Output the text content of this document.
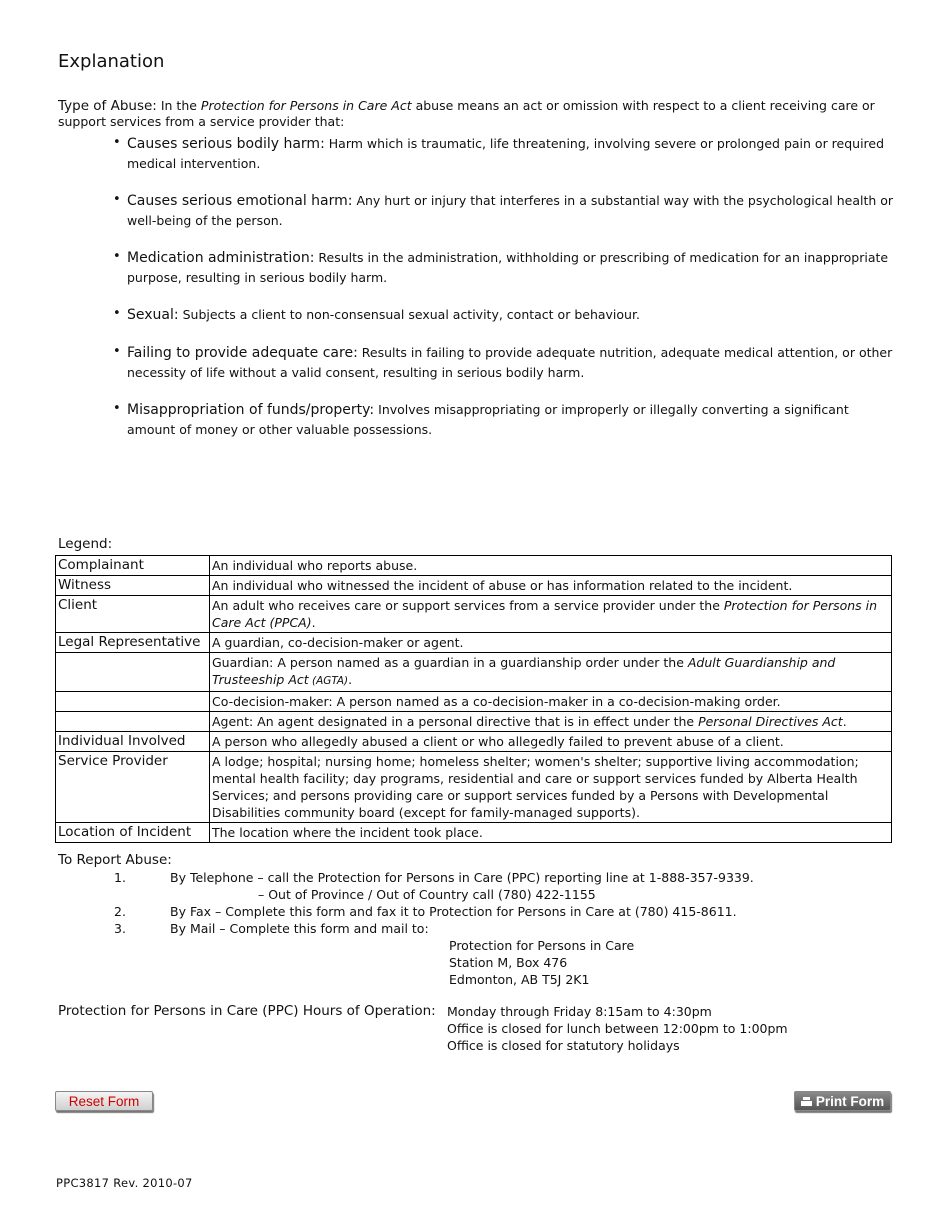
Explanation
Type of Abuse: In the Protection for Persons in Care Act abuse means an act or omission with respect to a client receiving care or support services from a service provider that:
• Causes serious bodily harm: Harm which is traumatic, life threatening, involving severe or prolonged pain or required medical intervention.
• Causes serious emotional harm: Any hurt or injury that interferes in a substantial way with the psychological health or well-being of the person.
• Medication administration: Results in the administration, withholding or prescribing of medication for an inappropriate purpose, resulting in serious bodily harm.
• Sexual: Subjects a client to non-consensual sexual activity, contact or behaviour.
• Failing to provide adequate care: Results in failing to provide adequate nutrition, adequate medical attention, or other necessity of life without a valid consent, resulting in serious bodily harm.
• Misappropriation of funds/property: Involves misappropriating or improperly or illegally converting a significant amount of money or other valuable possessions.
Legend:
Complainant	An individual who reports abuse.
Witness	An individual who witnessed the incident of abuse or has information related to the incident.
Client	An adult who receives care or support services from a service provider under the Protection for Persons in Care Act (PPCA).
Legal Representative	A guardian, co-decision-maker or agent.
	Guardian: A person named as a guardian in a guardianship order under the Adult Guardianship and Trusteeship Act (AGTA).
	Co-decision-maker: A person named as a co-decision-maker in a co-decision-making order.
	Agent: An agent designated in a personal directive that is in effect under the Personal Directives Act.
Individual Involved	A person who allegedly abused a client or who allegedly failed to prevent abuse of a client.
Service Provider	A lodge; hospital; nursing home; homeless shelter; women's shelter; supportive living accommodation; mental health facility; day programs, residential and care or support services funded by Alberta Health Services; and persons providing care or support services funded by a Persons with Developmental Disabilities community board (except for family-managed supports).
Location of Incident	The location where the incident took place.
To Report Abuse:
1.	By Telephone – call the Protection for Persons in Care (PPC) reporting line at 1-888-357-9339.
– Out of Province / Out of Country call (780) 422-1155
2.	By Fax – Complete this form and fax it to Protection for Persons in Care at (780) 415-8611.
3.	By Mail – Complete this form and mail to:
Protection for Persons in Care
Station M, Box 476
Edmonton, AB T5J 2K1
Protection for Persons in Care (PPC) Hours of Operation: Monday through Friday 8:15am to 4:30pm
Office is closed for lunch between 12:00pm to 1:00pm
Office is closed for statutory holidays
Reset Form	Print Form
PPC3817 Rev. 2010-07
